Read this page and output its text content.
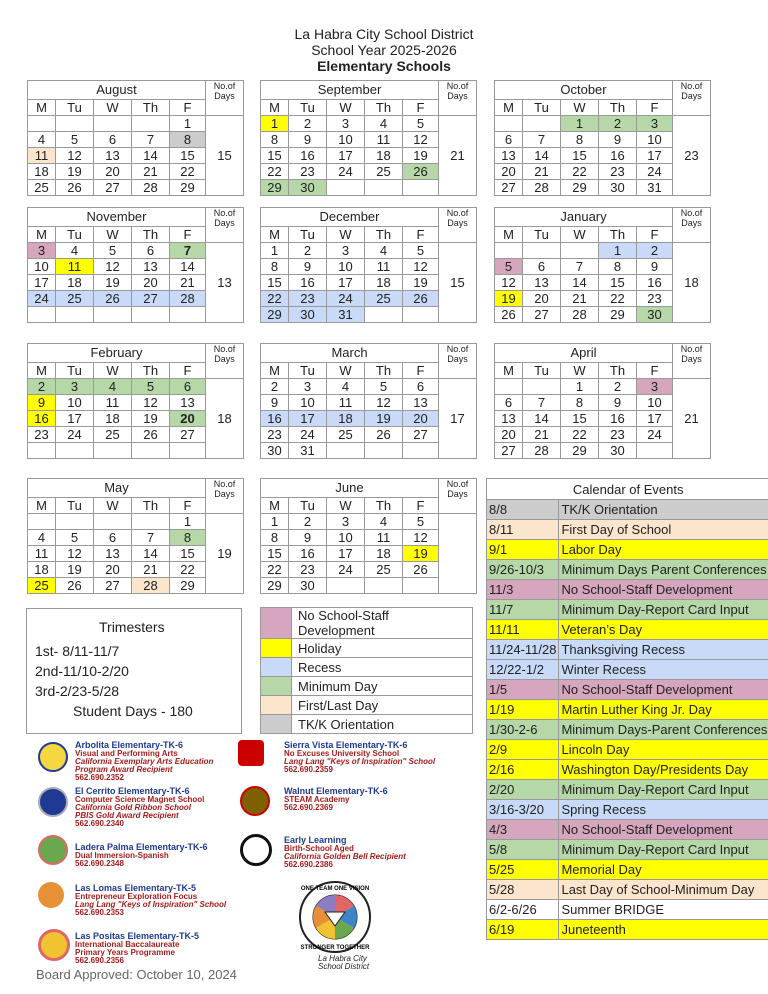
La Habra City School District
School Year 2025-2026
Elementary Schools
August					No.of Days
M	Tu	W	Th	F	
				1	15
4	5	6	7	8	
11	12	13	14	15	
18	19	20	21	22	
25	26	27	28	29	
September					No.of Days
M	Tu	W	Th	F	
1	2	3	4	5	21
8	9	10	11	12	
15	16	17	18	19	
22	23	24	25	26	
29	30				
October					No.of Days
M	Tu	W	Th	F	
		1	2	3	23
6	7	8	9	10	
13	14	15	16	17	
20	21	22	23	24	
27	28	29	30	31	
November					No.of Days
M	Tu	W	Th	F	
3	4	5	6	7	13
10	11	12	13	14	
17	18	19	20	21	
24	25	26	27	28	

December					No.of Days
M	Tu	W	Th	F	
1	2	3	4	5	15
8	9	10	11	12	
15	16	17	18	19	
22	23	24	25	26	
29	30	31			
January					No.of Days
M	Tu	W	Th	F	
			1	2	18
5	6	7	8	9	
12	13	14	15	16	
19	20	21	22	23	
26	27	28	29	30	
February					No.of Days
M	Tu	W	Th	F	
2	3	4	5	6	18
9	10	11	12	13	
16	17	18	19	20	
23	24	25	26	27	

March					No.of Days
M	Tu	W	Th	F	
2	3	4	5	6	17
9	10	11	12	13	
16	17	18	19	20	
23	24	25	26	27	
30	31				
April					No.of Days
M	Tu	W	Th	F	
		1	2	3	21
6	7	8	9	10	
13	14	15	16	17	
20	21	22	23	24	
27	28	29	30		
May					No.of Days
M	Tu	W	Th	F	
				1	19
4	5	6	7	8	
11	12	13	14	15	
18	19	20	21	22	
25	26	27	28	29	
June					No.of Days
M	Tu	W	Th	F	
1	2	3	4	5	
8	9	10	11	12	
15	16	17	18	19	
22	23	24	25	26	
29	30				
Trimesters
1st- 8/11-11/7
2nd-11/10-2/20
3rd-2/23-5/28
Student Days - 180
	No School-Staff Development
	Holiday
	Recess
	Minimum Day
	First/Last Day
	TK/K Orientation
Calendar of Events	
8/8	TK/K Orientation
8/11	First Day of School
9/1	Labor Day
9/26-10/3	Minimum Days Parent Conferences
11/3	No School-Staff Development
11/7	Minimum Day-Report Card Input
11/11	Veteran’s Day
11/24-11/28	Thanksgiving Recess
12/22-1/2	Winter Recess
1/5	No School-Staff Development
1/19	Martin Luther King Jr. Day
1/30-2-6	Minimum Days-Parent Conferences
2/9	Lincoln Day
2/16	Washington Day/Presidents Day
2/20	Minimum Day-Report Card Input
3/16-3/20	Spring Recess
4/3	No School-Staff Development
5/8	Minimum Day-Report Card Input
5/25	Memorial Day
5/28	Last Day of School-Minimum Day
6/2-6/26	Summer BRIDGE
6/19	Juneteenth
Arbolita Elementary-TK-6
Visual and Performing Arts
California Exemplary Arts Education
Program Award Recipient
562.690.2352
El Cerrito Elementary-TK-6
Computer Science Magnet School
California Gold Ribbon School
PBIS Gold Award Recipient
562.690.2340
Ladera Palma Elementary-TK-6
Dual Immersion-Spanish
562.690.2348
Las Lomas Elementary-TK-5
Entrepreneur Exploration Focus
Lang Lang "Keys of Inspiration" School
562.690.2353
Las Positas Elementary-TK-5
International Baccalaureate
Primary Years Programme
562.690.2356
Sierra Vista Elementary-TK-6
No Excuses University School
Lang Lang "Keys of Inspiration" School
562.690.2359
Walnut Elementary-TK-6
STEAM Academy
562.690.2369
Early Learning
Birth-School Aged
California Golden Bell Recipient
562.690.2386
ONE TEAM ONE VISION
STRONGER TOGETHER
La Habra City
School District
Board Approved: October 10, 2024
